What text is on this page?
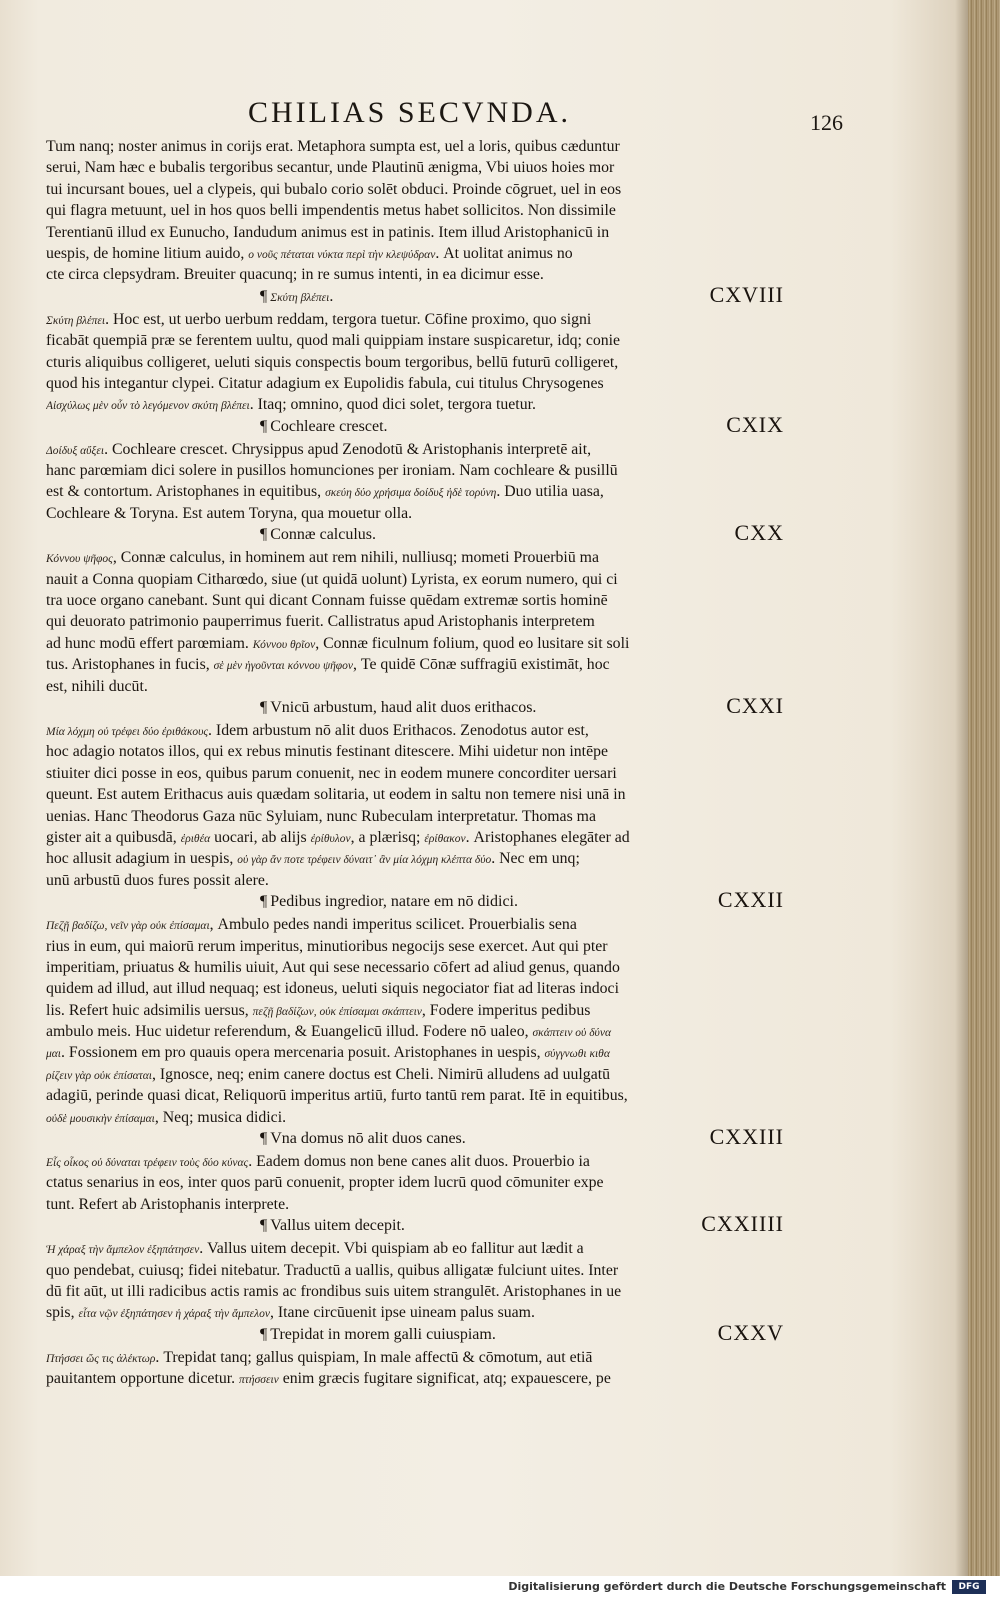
CHILIAS SECVNDA.	126
Tum nanq; noster animus in corijs erat. Metaphora sumpta est, uel a loris, quibus cæduntur
serui, Nam hæc e bubalis tergoribus secantur, unde Plautinū ænigma, Vbi uiuos hoies mor
tui incursant boues, uel a clypeis, qui bubalo corio solēt obduci. Proinde cōgruet, uel in eos
qui flagra metuunt, uel in hos quos belli impendentis metus habet sollicitos. Non dissimile
Terentianū illud ex Eunucho, Iandudum animus est in patinis. Item illud Aristophanicū in
uespis, de homine litium auido, ο νοῦς πέταται νύκτα περὶ τὴν κλεψύδραν. At uolitat animus no
cte circa clepsydram. Breuiter quacunq; in re sumus intenti, in ea dicimur esse.
¶ Σκύτη βλέπει.	CXVIII
Σκύτη βλέπει. Hoc est, ut uerbo uerbum reddam, tergora tuetur. Cōfine proximo, quo signi
ficabāt quempiā præ se ferentem uultu, quod mali quippiam instare suspicaretur, idq; conie
cturis aliquibus colligeret, ueluti siquis conspectis boum tergoribus, bellū futurū colligeret,
quod his integantur clypei. Citatur adagium ex Eupolidis fabula, cui titulus Chrysogenes
Αἰσχύλως μὲν οὖν τὸ λεγόμενον σκύτη βλέπει. Itaq; omnino, quod dici solet, tergora tuetur.
¶ Cochleare crescet.	CXIX
Δοίδυξ αὔξει. Cochleare crescet. Chrysippus apud Zenodotū & Aristophanis interpretē ait,
hanc parœmiam dici solere in pusillos homunciones per ironiam. Nam cochleare & pusillū
est & contortum. Aristophanes in equitibus, σκεύη δύο χρήσιμα δοίδυξ ἠδὲ τορύνη. Duo utilia uasa,
Cochleare & Toryna. Est autem Toryna, qua mouetur olla.
¶ Connæ calculus.	CXX
Κόννου ψῆφος, Connæ calculus, in hominem aut rem nihili, nulliusq; mometi Prouerbiū ma
nauit a Conna quopiam Citharœdo, siue (ut quidā uolunt) Lyrista, ex eorum numero, qui ci
tra uoce organo canebant. Sunt qui dicant Connam fuisse quēdam extremæ sortis hominē
qui deuorato patrimonio pauperrimus fuerit. Callistratus apud Aristophanis interpretem
ad hunc modū effert parœmiam. Κόννου θρῖον, Connæ ficulnum folium, quod eo lusitare sit soli
tus. Aristophanes in fucis, σὲ μὲν ἡγοῦνται κόννου ψῆφον, Te quidē Cōnæ suffragiū existimāt, hoc
est, nihili ducūt.
¶ Vnicū arbustum, haud alit duos erithacos.	CXXI
Μία λόχμη οὐ τρέφει δύο ἐριθάκους. Idem arbustum nō alit duos Erithacos. Zenodotus autor est,
hoc adagio notatos illos, qui ex rebus minutis festinant ditescere. Mihi uidetur non intēpe
stiuiter dici posse in eos, quibus parum conuenit, nec in eodem munere concorditer uersari
queunt. Est autem Erithacus auis quædam solitaria, ut eodem in saltu non temere nisi unā in
uenias. Hanc Theodorus Gaza nūc Syluiam, nunc Rubeculam interpretatur. Thomas ma
gister ait a quibusdā, ἐριθέα uocari, ab alijs ἐρίθυλον, a plærisq; ἐρίθακον. Aristophanes elegāter ad
hoc allusit adagium in uespis, οὐ γὰρ ἄν ποτε τρέφειν δύναιτ᾽ ἂν μία λόχμη κλέπτα δύο. Nec em unq;
unū arbustū duos fures possit alere.
¶ Pedibus ingredior, natare em nō didici.	CXXII
Πεζῇ βαδίζω, νεῖν γὰρ οὐκ ἐπίσαμαι, Ambulo pedes nandi imperitus scilicet. Prouerbialis sena
rius in eum, qui maiorū rerum imperitus, minutioribus negocijs sese exercet. Aut qui pter
imperitiam, priuatus & humilis uiuit, Aut qui sese necessario cōfert ad aliud genus, quando
quidem ad illud, aut illud nequaq; est idoneus, ueluti siquis negociator fiat ad literas indoci
lis. Refert huic adsimilis uersus, πεζῇ βαδίζων, οὐκ ἐπίσαμαι σκάπτειν, Fodere imperitus pedibus
ambulo meis. Huc uidetur referendum, & Euangelicū illud. Fodere nō ualeo, σκάπτειν οὐ δύνα
μαι. Fossionem em pro quauis opera mercenaria posuit. Aristophanes in uespis, σύγγνωθι κιθα
ρίζειν γὰρ οὐκ ἐπίσαται, Ignosce, neq; enim canere doctus est Cheli. Nimirū alludens ad uulgatū
adagiū, perinde quasi dicat, Reliquorū imperitus artiū, furto tantū rem parat. Itē in equitibus,
οὐδὲ μουσικὴν ἐπίσαμαι, Neq; musica didici.
¶ Vna domus nō alit duos canes.	CXXIII
Εἷς οἶκος οὐ δύναται τρέφειν τοὺς δύο κύνας. Eadem domus non bene canes alit duos. Prouerbio ia
ctatus senarius in eos, inter quos parū conuenit, propter idem lucrū quod cōmuniter expe
tunt. Refert ab Aristophanis interprete.
¶ Vallus uitem decepit.	CXXIIII
Ἡ χάραξ τὴν ἄμπελον ἐξηπάτησεν. Vallus uitem decepit. Vbi quispiam ab eo fallitur aut lædit a
quo pendebat, cuiusq; fidei nitebatur. Traductū a uallis, quibus alligatæ fulciunt uites. Inter
dū fit aūt, ut illi radicibus actis ramis ac frondibus suis uitem strangulēt. Aristophanes in ue
spis, εἶτα νῷν ἐξηπάτησεν ἡ χάραξ τὴν ἄμπελον, Itane circūuenit ipse uineam palus suam.
¶ Trepidat in morem galli cuiuspiam.	CXXV
Πτήσσει ὥς τις ἀλέκτωρ. Trepidat tanq; gallus quispiam, In male affectū & cōmotum, aut etiā
pauitantem opportune dicetur. πτήσσειν enim græcis fugitare significat, atq; expauescere, pe
Digitalisierung gefördert durch die Deutsche Forschungsgemeinschaft	DFG
